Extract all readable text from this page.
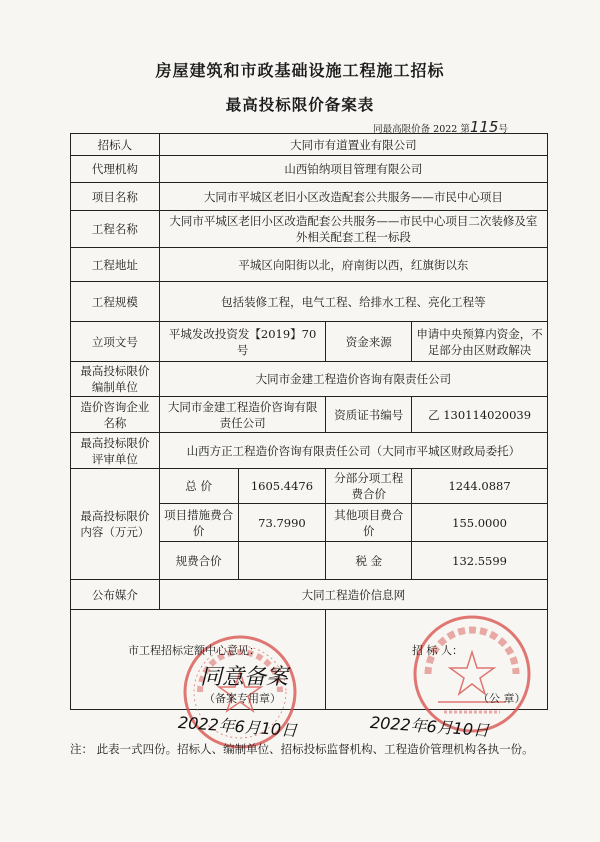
房屋建筑和市政基础设施工程施工招标
最高投标限价备案表
同最高限价备 2022 第115号
招标人	大同市有道置业有限公司			
代理机构	山西铂纳项目管理有限公司			
项目名称	大同市平城区老旧小区改造配套公共服务——市民中心项目			
工程名称	大同市平城区老旧小区改造配套公共服务——市民中心项目二次装修及室外相关配套工程一标段			
工程地址	平城区向阳街以北，府南街以西，红旗街以东			
工程规模	包括装修工程，电气工程、给排水工程、亮化工程等			
立项文号	平城发改投资发【2019】70 号		资金来源	申请中央预算内资金，不足部分由区财政解决
最高投标限价编制单位	大同市金建工程造价咨询有限责任公司			
造价咨询企业名称	大同市金建工程造价咨询有限责任公司		资质证书编号	乙 130114020039
最高投标限价评审单位	山西方正工程造价咨询有限责任公司（大同市平城区财政局委托）			
最高投标限价内容（万元）	总 价	1605.4476	分部分项工程费合价	1244.0887
	项目措施费合价	73.7990	其他项目费合价	155.0000
	规费合价		税 金	132.5599
公布媒介	大同工程造价信息网			

市工程招标定额中心意见：	招 标 人：
同意备案
（备案专用章）
2022年6月10日
（公 章）
2022年6月10日
注： 此表一式四份。招标人、编制单位、招标投标监督机构、工程造价管理机构各执一份。
